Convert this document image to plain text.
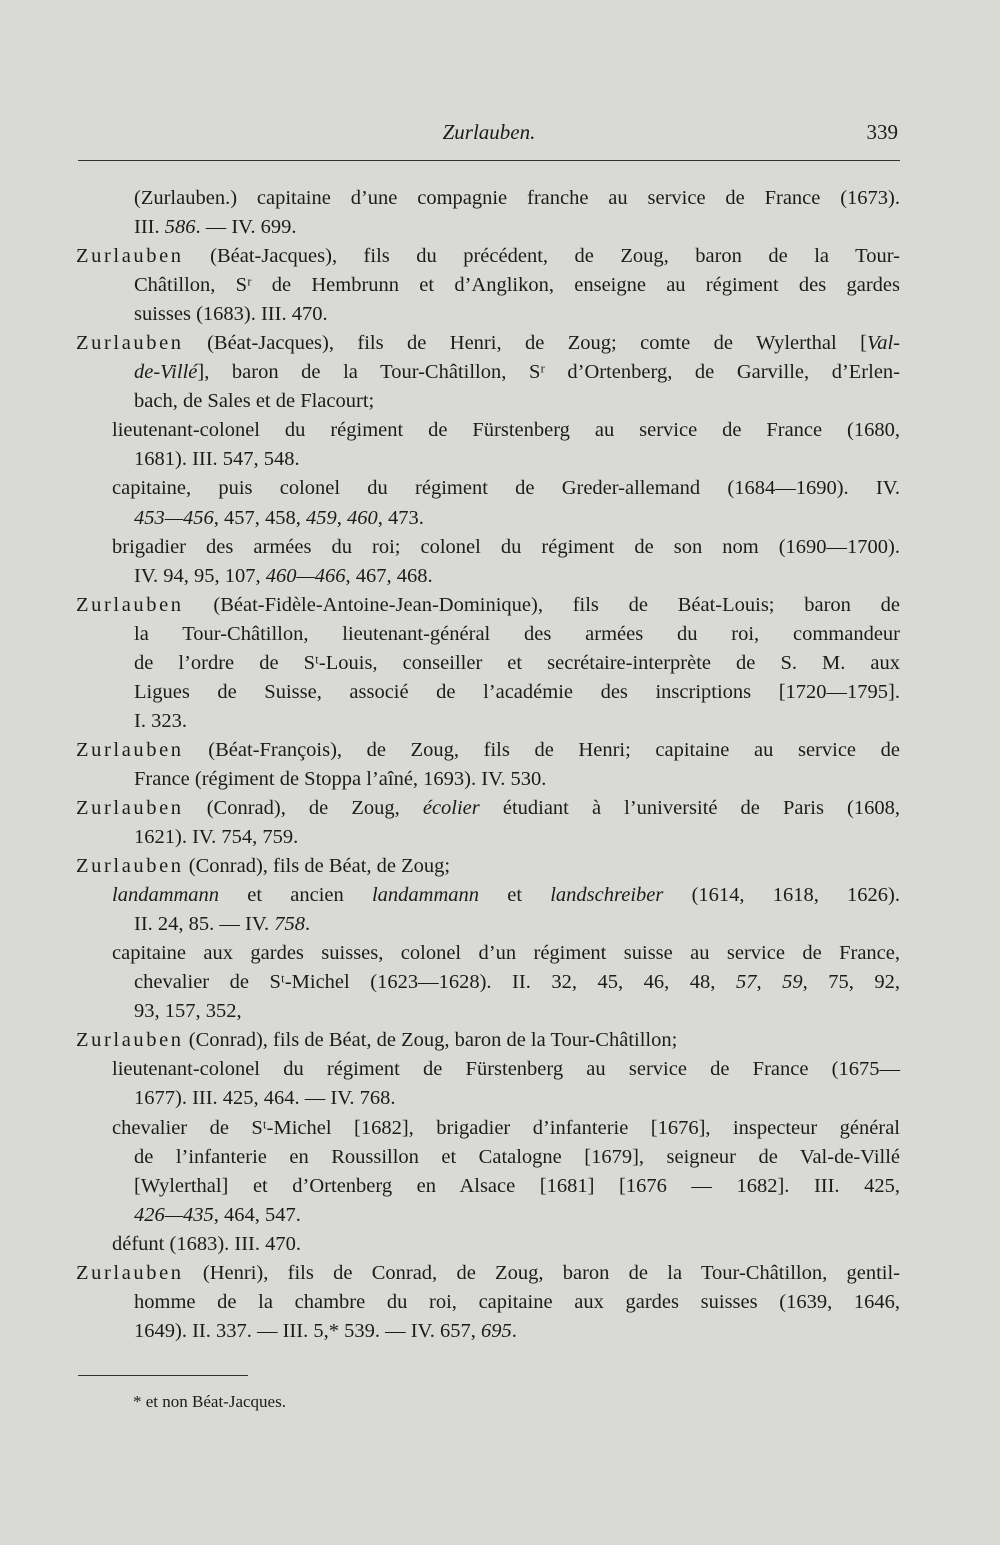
Zurlauben.	339
(Zurlauben.) capitaine d’une compagnie franche au service de France (1673).
III. 586. — IV. 699.
Zurlauben (Béat-Jacques), fils du précédent, de Zoug, baron de la Tour-
Châtillon, Sʳ de Hembrunn et d’Anglikon, enseigne au régiment des gardes
suisses (1683). III. 470.
Zurlauben (Béat-Jacques), fils de Henri, de Zoug; comte de Wylerthal [Val-
de-Villé], baron de la Tour-Châtillon, Sʳ d’Ortenberg, de Garville, d’Erlen-
bach, de Sales et de Flacourt;
lieutenant-colonel du régiment de Fürstenberg au service de France (1680,
1681). III. 547, 548.
capitaine, puis colonel du régiment de Greder-allemand (1684—1690). IV.
453—456, 457, 458, 459, 460, 473.
brigadier des armées du roi; colonel du régiment de son nom (1690—1700).
IV. 94, 95, 107, 460—466, 467, 468.
Zurlauben (Béat-Fidèle-Antoine-Jean-Dominique), fils de Béat-Louis; baron de
la Tour-Châtillon, lieutenant-général des armées du roi, commandeur
de l’ordre de Sᵗ-Louis, conseiller et secrétaire-interprète de S. M. aux
Ligues de Suisse, associé de l’académie des inscriptions [1720—1795].
I. 323.
Zurlauben (Béat-François), de Zoug, fils de Henri; capitaine au service de
France (régiment de Stoppa l’aîné, 1693). IV. 530.
Zurlauben (Conrad), de Zoug, écolier étudiant à l’université de Paris (1608,
1621). IV. 754, 759.
Zurlauben (Conrad), fils de Béat, de Zoug;
landammann et ancien landammann et landschreiber (1614, 1618, 1626).
II. 24, 85. — IV. 758.
capitaine aux gardes suisses, colonel d’un régiment suisse au service de France,
chevalier de Sᵗ-Michel (1623—1628). II. 32, 45, 46, 48, 57, 59, 75, 92,
93, 157, 352,
Zurlauben (Conrad), fils de Béat, de Zoug, baron de la Tour-Châtillon;
lieutenant-colonel du régiment de Fürstenberg au service de France (1675—
1677). III. 425, 464. — IV. 768.
chevalier de Sᵗ-Michel [1682], brigadier d’infanterie [1676], inspecteur général
de l’infanterie en Roussillon et Catalogne [1679], seigneur de Val-de-Villé
[Wylerthal] et d’Ortenberg en Alsace [1681] [1676 — 1682]. III. 425,
426—435, 464, 547.
défunt (1683). III. 470.
Zurlauben (Henri), fils de Conrad, de Zoug, baron de la Tour-Châtillon, gentil-
homme de la chambre du roi, capitaine aux gardes suisses (1639, 1646,
1649). II. 337. — III. 5,* 539. — IV. 657, 695.
* et non Béat-Jacques.
